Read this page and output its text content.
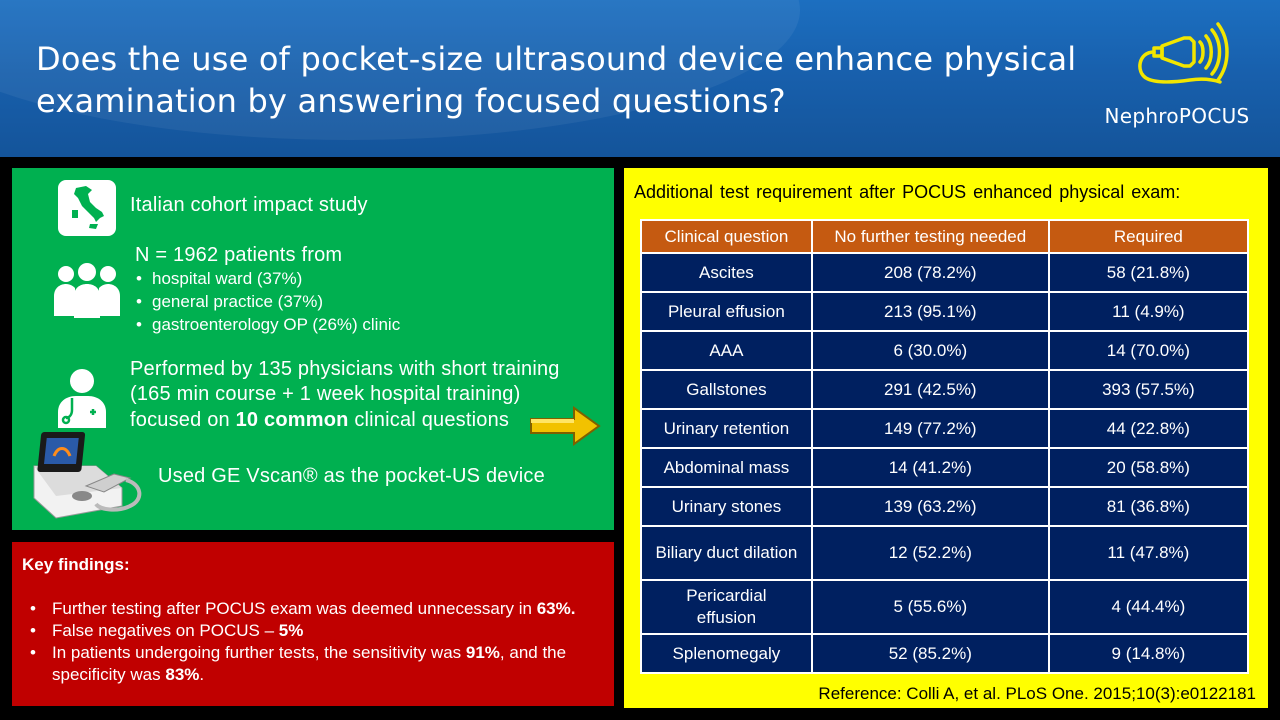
Does the use of pocket-size ultrasound device enhance physical examination by answering focused questions?	NephroPOCUS
Italian cohort impact study
N = 1962 patients from
• hospital ward (37%)
• general practice (37%)
• gastroenterology OP (26%) clinic
Performed by 135 physicians with short training
(165 min course + 1 week hospital training)
focused on 10 common clinical questions
Used GE Vscan® as the pocket-US device
Key findings:
• Further testing after POCUS exam was deemed unnecessary in 63%.
• False negatives on POCUS – 5%
• In patients undergoing further tests, the sensitivity was 91%, and the specificity was 83%.
Additional test requirement after POCUS enhanced physical exam:
Clinical question	No further testing needed	Required
Ascites	208 (78.2%)	58 (21.8%)
Pleural effusion	213 (95.1%)	11 (4.9%)
AAA	6 (30.0%)	14 (70.0%)
Gallstones	291 (42.5%)	393 (57.5%)
Urinary retention	149 (77.2%)	44 (22.8%)
Abdominal mass	14 (41.2%)	20 (58.8%)
Urinary stones	139 (63.2%)	81 (36.8%)
Biliary duct dilation	12 (52.2%)	11 (47.8%)
Pericardial effusion	5 (55.6%)	4 (44.4%)
Splenomegaly	52 (85.2%)	9 (14.8%)
Reference: Colli A, et al. PLoS One. 2015;10(3):e0122181
